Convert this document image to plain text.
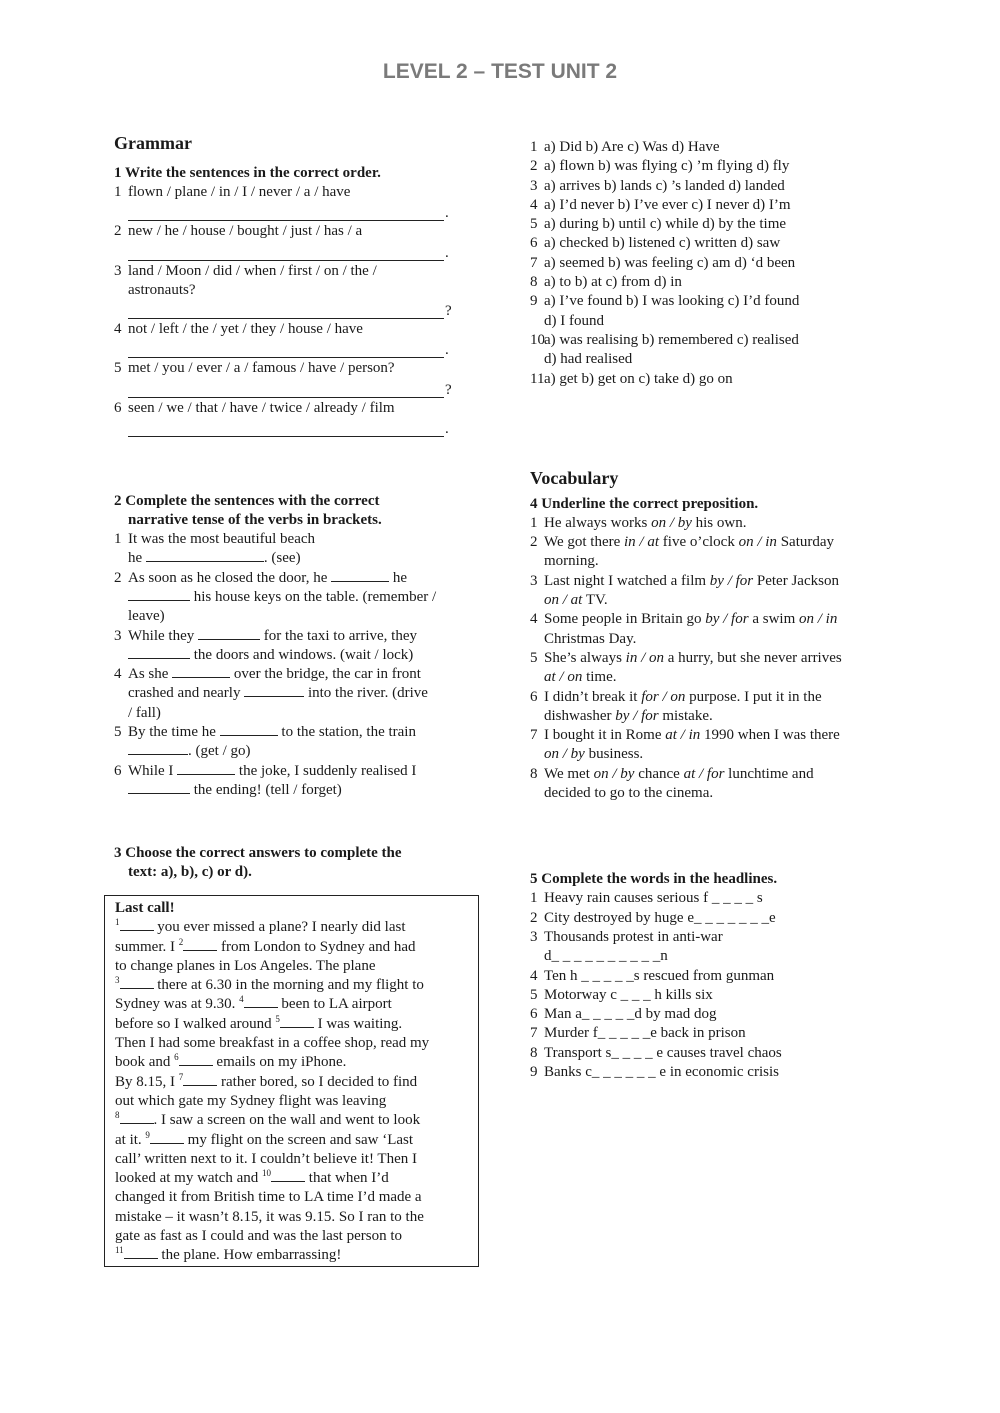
LEVEL 2 – TEST UNIT 2
Grammar
1 Write the sentences in the correct order.
1 flown / plane / in / I / never / a / have
.
2 new / he / house / bought / just / has / a
.
3 land / Moon / did / when / first / on / the /
astronauts?
?
4 not / left / the / yet / they / house / have
.
5 met / you / ever / a / famous / have / person?
?
6 seen / we / that / have / twice / already / film
.
2 Complete the sentences with the correct
narrative tense of the verbs in brackets.
1 It was the most beautiful beach
he	. (see)
2 As soon as he closed the door, he	he
his house keys on the table. (remember /
leave)
3 While they	for the taxi to arrive, they
the doors and windows. (wait / lock)
4 As she	over the bridge, the car in front
crashed and nearly	into the river. (drive
/ fall)
5 By the time he	to the station, the train
. (get / go)
6 While I	the joke, I suddenly realised I
the ending! (tell / forget)
3 Choose the correct answers to complete the
text: a), b), c) or d).
Last call!
$^1$	you ever missed a plane? I nearly did last
summer. I $^2$	from London to Sydney and had
to change planes in Los Angeles. The plane
$^3$	there at 6.30 in the morning and my flight to
Sydney was at 9.30. $^4$	been to LA airport
before so I walked around $^5$	I was waiting.
Then I had some breakfast in a coffee shop, read my
book and $^6$	emails on my iPhone.
By 8.15, I $^7$	rather bored, so I decided to find
out which gate my Sydney flight was leaving
$^8$ . I saw a screen on the wall and went to look
at it. $^9$	my flight on the screen and saw ‘Last
call’ written next to it. I couldn’t believe it! Then I
looked at my watch and $^{10}$	that when I’d
changed it from British time to LA time I’d made a
mistake – it wasn’t 8.15, it was 9.15. So I ran to the
gate as fast as I could and was the last person to
$^{11}$	the plane. How embarrassing!
1 a) Did b) Are c) Was d) Have
2 a) flown b) was flying c) ’m flying d) fly
3 a) arrives b) lands c) ’s landed d) landed
4 a) I’d never b) I’ve ever c) I never d) I’m
5 a) during b) until c) while d) by the time
6 a) checked b) listened c) written d) saw
7 a) seemed b) was feeling c) am d) ‘d been
8 a) to b) at c) from d) in
9 a) I’ve found b) I was looking c) I’d found
d) I found
10 a) was realising b) remembered c) realised
d) had realised
11 a) get b) get on c) take d) go on
Vocabulary
4 Underline the correct preposition.
1 He always works on / by his own.
2 We got there in / at five o’clock on / in Saturday
morning.
3 Last night I watched a film by / for Peter Jackson
on / at TV.
4 Some people in Britain go by / for a swim on / in
Christmas Day.
5 She’s always in / on a hurry, but she never arrives
at / on time.
6 I didn’t break it for / on purpose. I put it in the
dishwasher by / for mistake.
7 I bought it in Rome at / in 1990 when I was there
on / by business.
8 We met on / by chance at / for lunchtime and
decided to go to the cinema.
5 Complete the words in the headlines.
1 Heavy rain causes serious f _ _ _ _ s
2 City destroyed by huge e_ _ _ _ _ _ _e
3 Thousands protest in anti-war
d_ _ _ _ _ _ _ _ _ _n
4 Ten h _ _ _ _ _s rescued from gunman
5 Motorway c _ _ _ h kills six
6 Man a_ _ _ _ _d by mad dog
7 Murder f_ _ _ _ _e back in prison
8 Transport s_ _ _ _ e causes travel chaos
9 Banks c_ _ _ _ _ _ e in economic crisis
